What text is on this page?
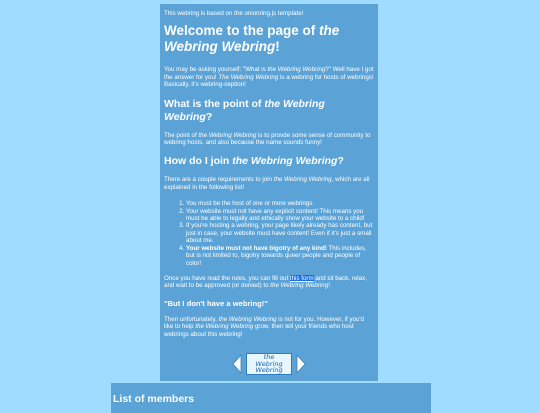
This webring is based on the onionring.js template!
Welcome to the page of the Webring Webring!

You may be asking yourself: "What is the Webring Webring?" Well have I got the answer for you! The Webring Webring is a webring for hosts of webrings! Basically, it's webring-ception!

What is the point of the Webring Webring?

The point of the Webring Webring is to provde some sense of community to webring hosts, and also because the name sounds funny!

How do I join the Webring Webring?

There are a couple requirements to join the Webring Webring, which are all explained in the following list!

1. You must be the host of one or more webrings.
2. Your website must not have any explicit content! This means you must be able to legally and ethically show your website to a child!
3. If you're hosting a webring, your page likely already has content, but just in case, your website must have content! Even if it's just a small about me.
4. Your website must not have bigotry of any kind! This includes, but is not limited to, bigotry towards queer people and people of color!

Once you have read the rules, you can fill out this form and sit back, relax, and wait to be approved (or denied) to the Webring Webring!

"But I don't have a webring!"

Then unfortunately, the Webring Webring is not for you. However, if you'd like to help the Webring Webring grow, then tell your friends who host webrings about this webring!

the
Webring
Webring
List of members
